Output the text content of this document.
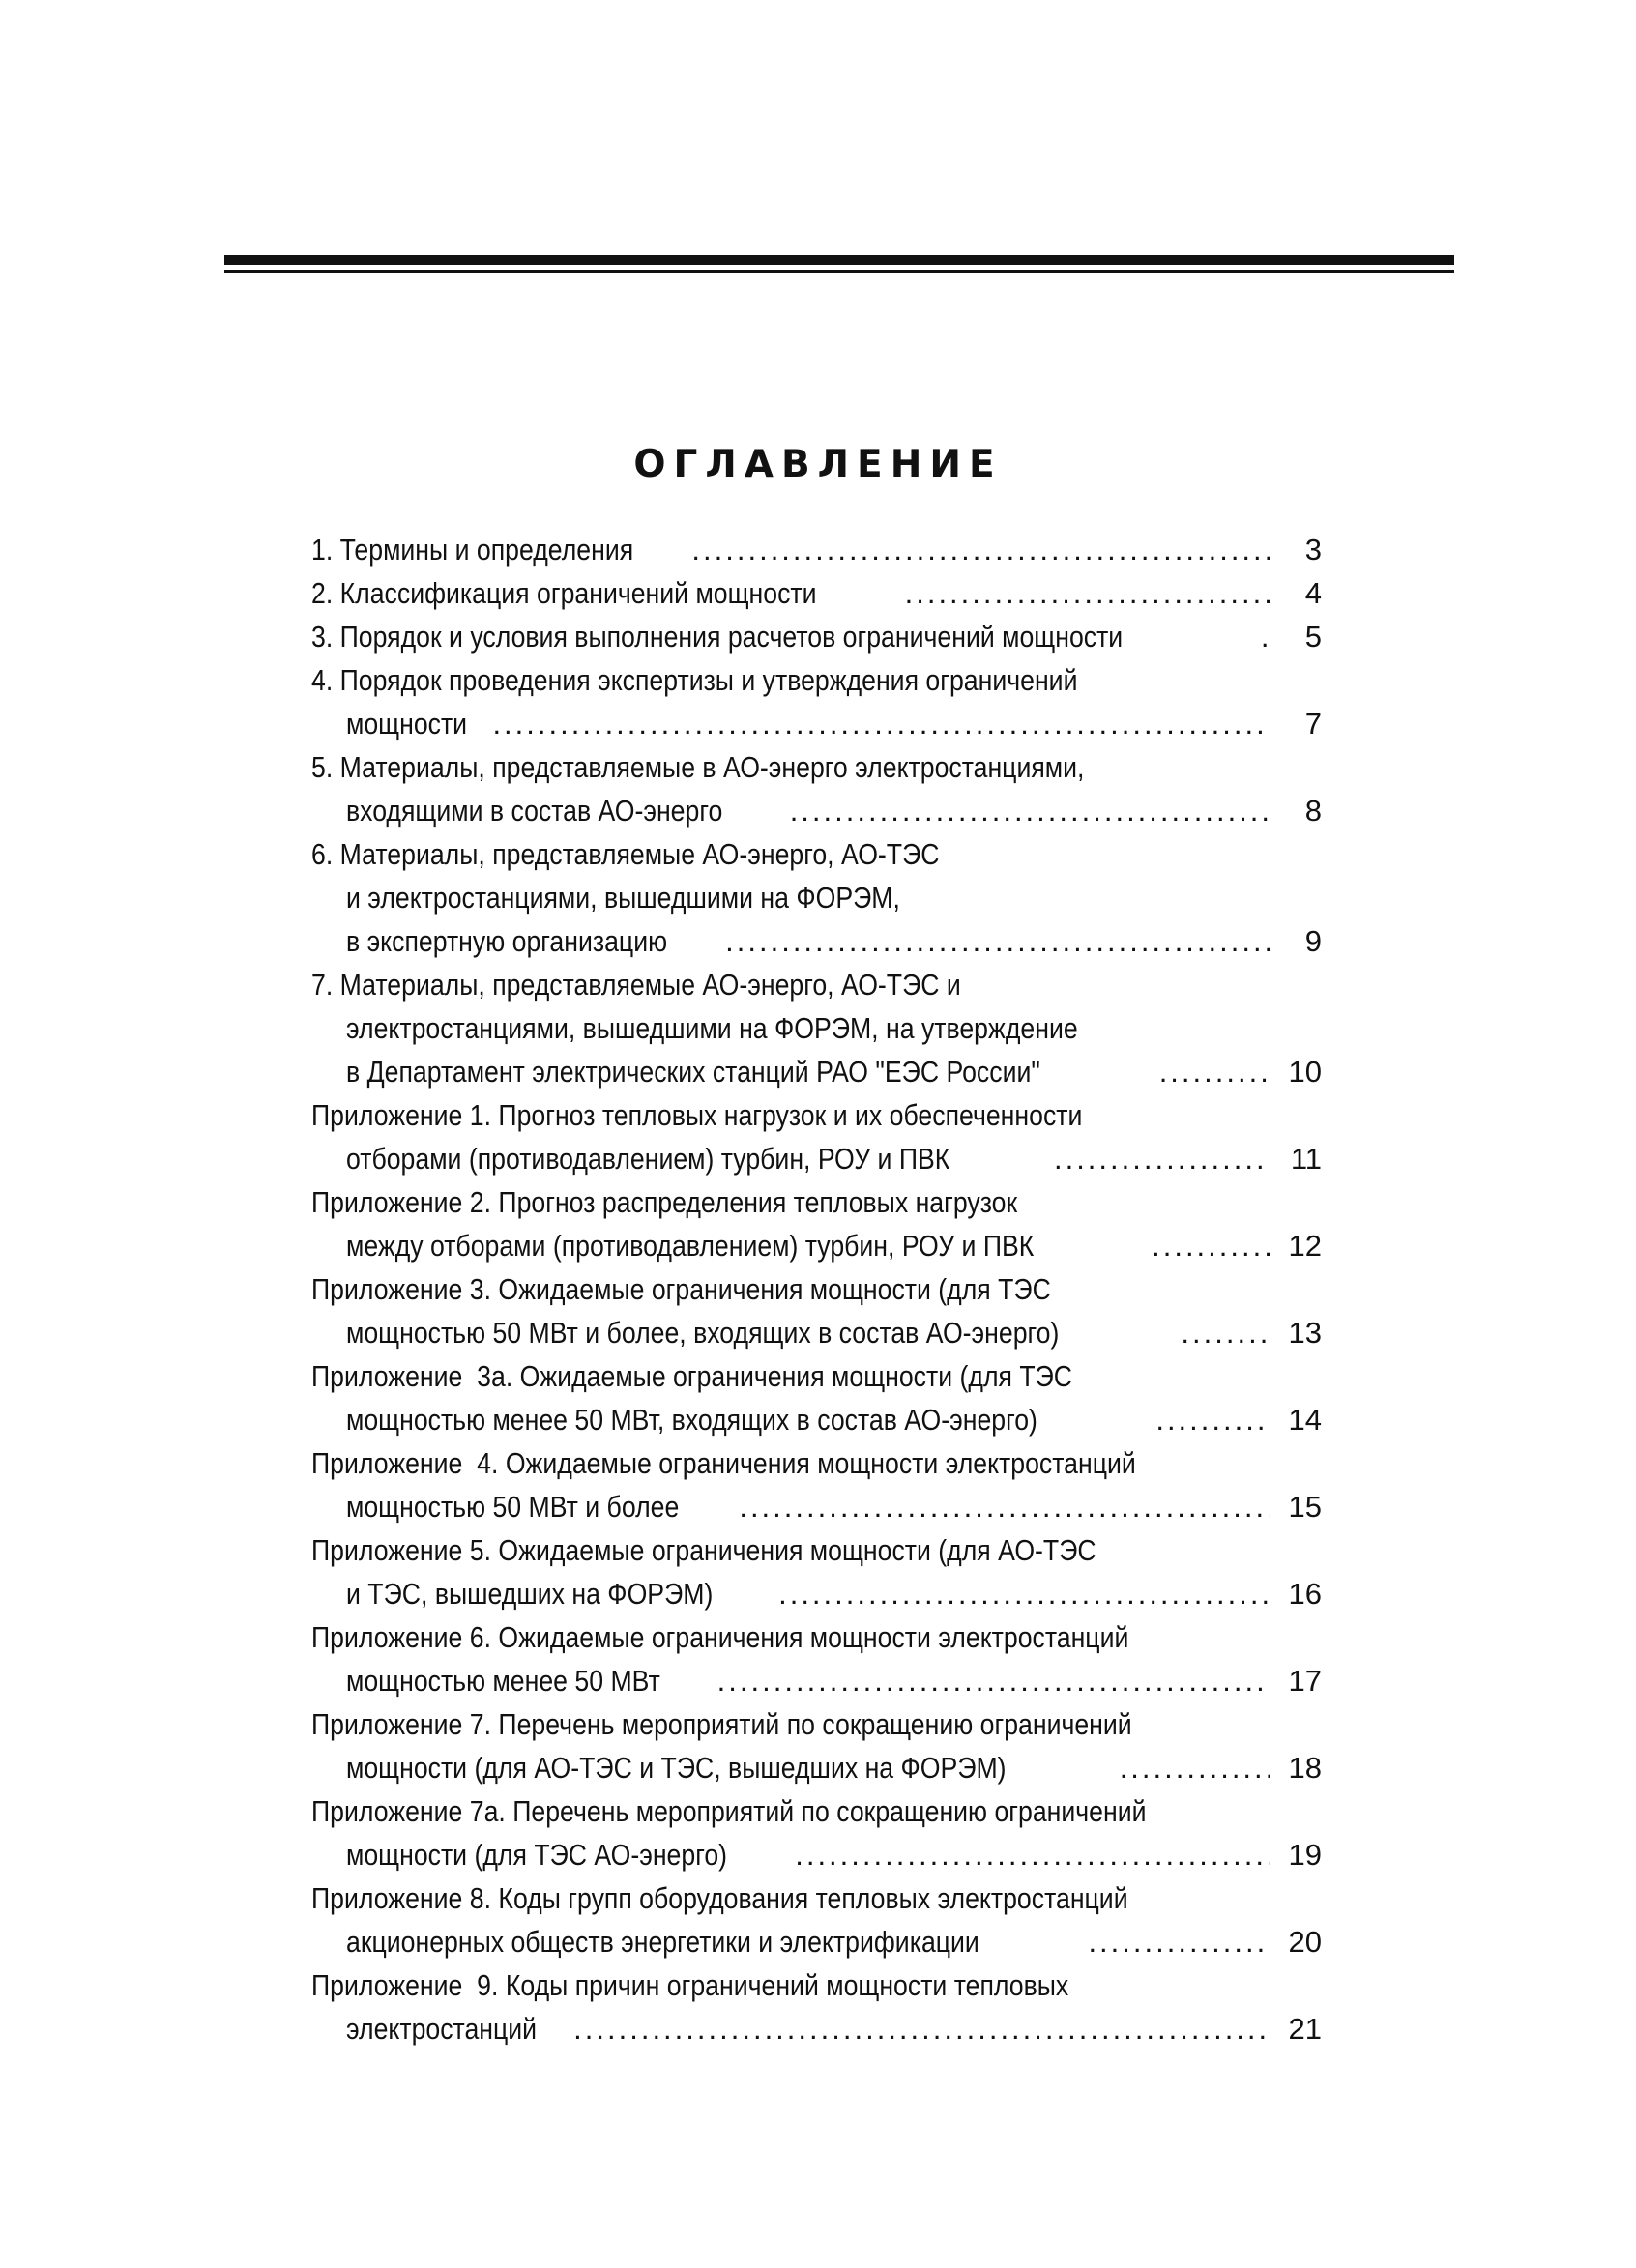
ОГЛАВЛЕНИЕ
1. Термины и определения .....	3
2. Классификация ограничений мощности .....	4
3. Порядок и условия выполнения расчетов ограничений мощности .....	5
4. Порядок проведения экспертизы и утверждения ограничений
мощности .....	7
5. Материалы, представляемые в АО-энерго электростанциями,
входящими в состав АО-энерго .....	8
6. Материалы, представляемые АО-энерго, АО-ТЭС
и электростанциями, вышедшими на ФОРЭМ,
в экспертную организацию .....	9
7. Материалы, представляемые АО-энерго, АО-ТЭС и
электростанциями, вышедшими на ФОРЭМ, на утверждение
в Департамент электрических станций РАО "ЕЭС России" .....	10
Приложение 1. Прогноз тепловых нагрузок и их обеспеченности
отборами (противодавлением) турбин, РОУ и ПВК .....	11
Приложение 2. Прогноз распределения тепловых нагрузок
между отборами (противодавлением) турбин, РОУ и ПВК .....	12
Приложение 3. Ожидаемые ограничения мощности (для ТЭС
мощностью 50 МВт и более, входящих в состав АО-энерго) .....	13
Приложение  3а. Ожидаемые ограничения мощности (для ТЭС
мощностью менее 50 МВт, входящих в состав АО-энерго) .....	14
Приложение  4. Ожидаемые ограничения мощности электростанций
мощностью 50 МВт и более .....	15
Приложение 5. Ожидаемые ограничения мощности (для АО-ТЭС
и ТЭС, вышедших на ФОРЭМ) .....	16
Приложение 6. Ожидаемые ограничения мощности электростанций
мощностью менее 50 МВт .....	17
Приложение 7. Перечень мероприятий по сокращению ограничений
мощности (для АО-ТЭС и ТЭС, вышедших на ФОРЭМ) .....	18
Приложение 7а. Перечень мероприятий по сокращению ограничений
мощности (для ТЭС АО-энерго) .....	19
Приложение 8. Коды групп оборудования тепловых электростанций
акционерных обществ энергетики и электрификации .....	20
Приложение  9. Коды причин ограничений мощности тепловых
электростанций .....	21
